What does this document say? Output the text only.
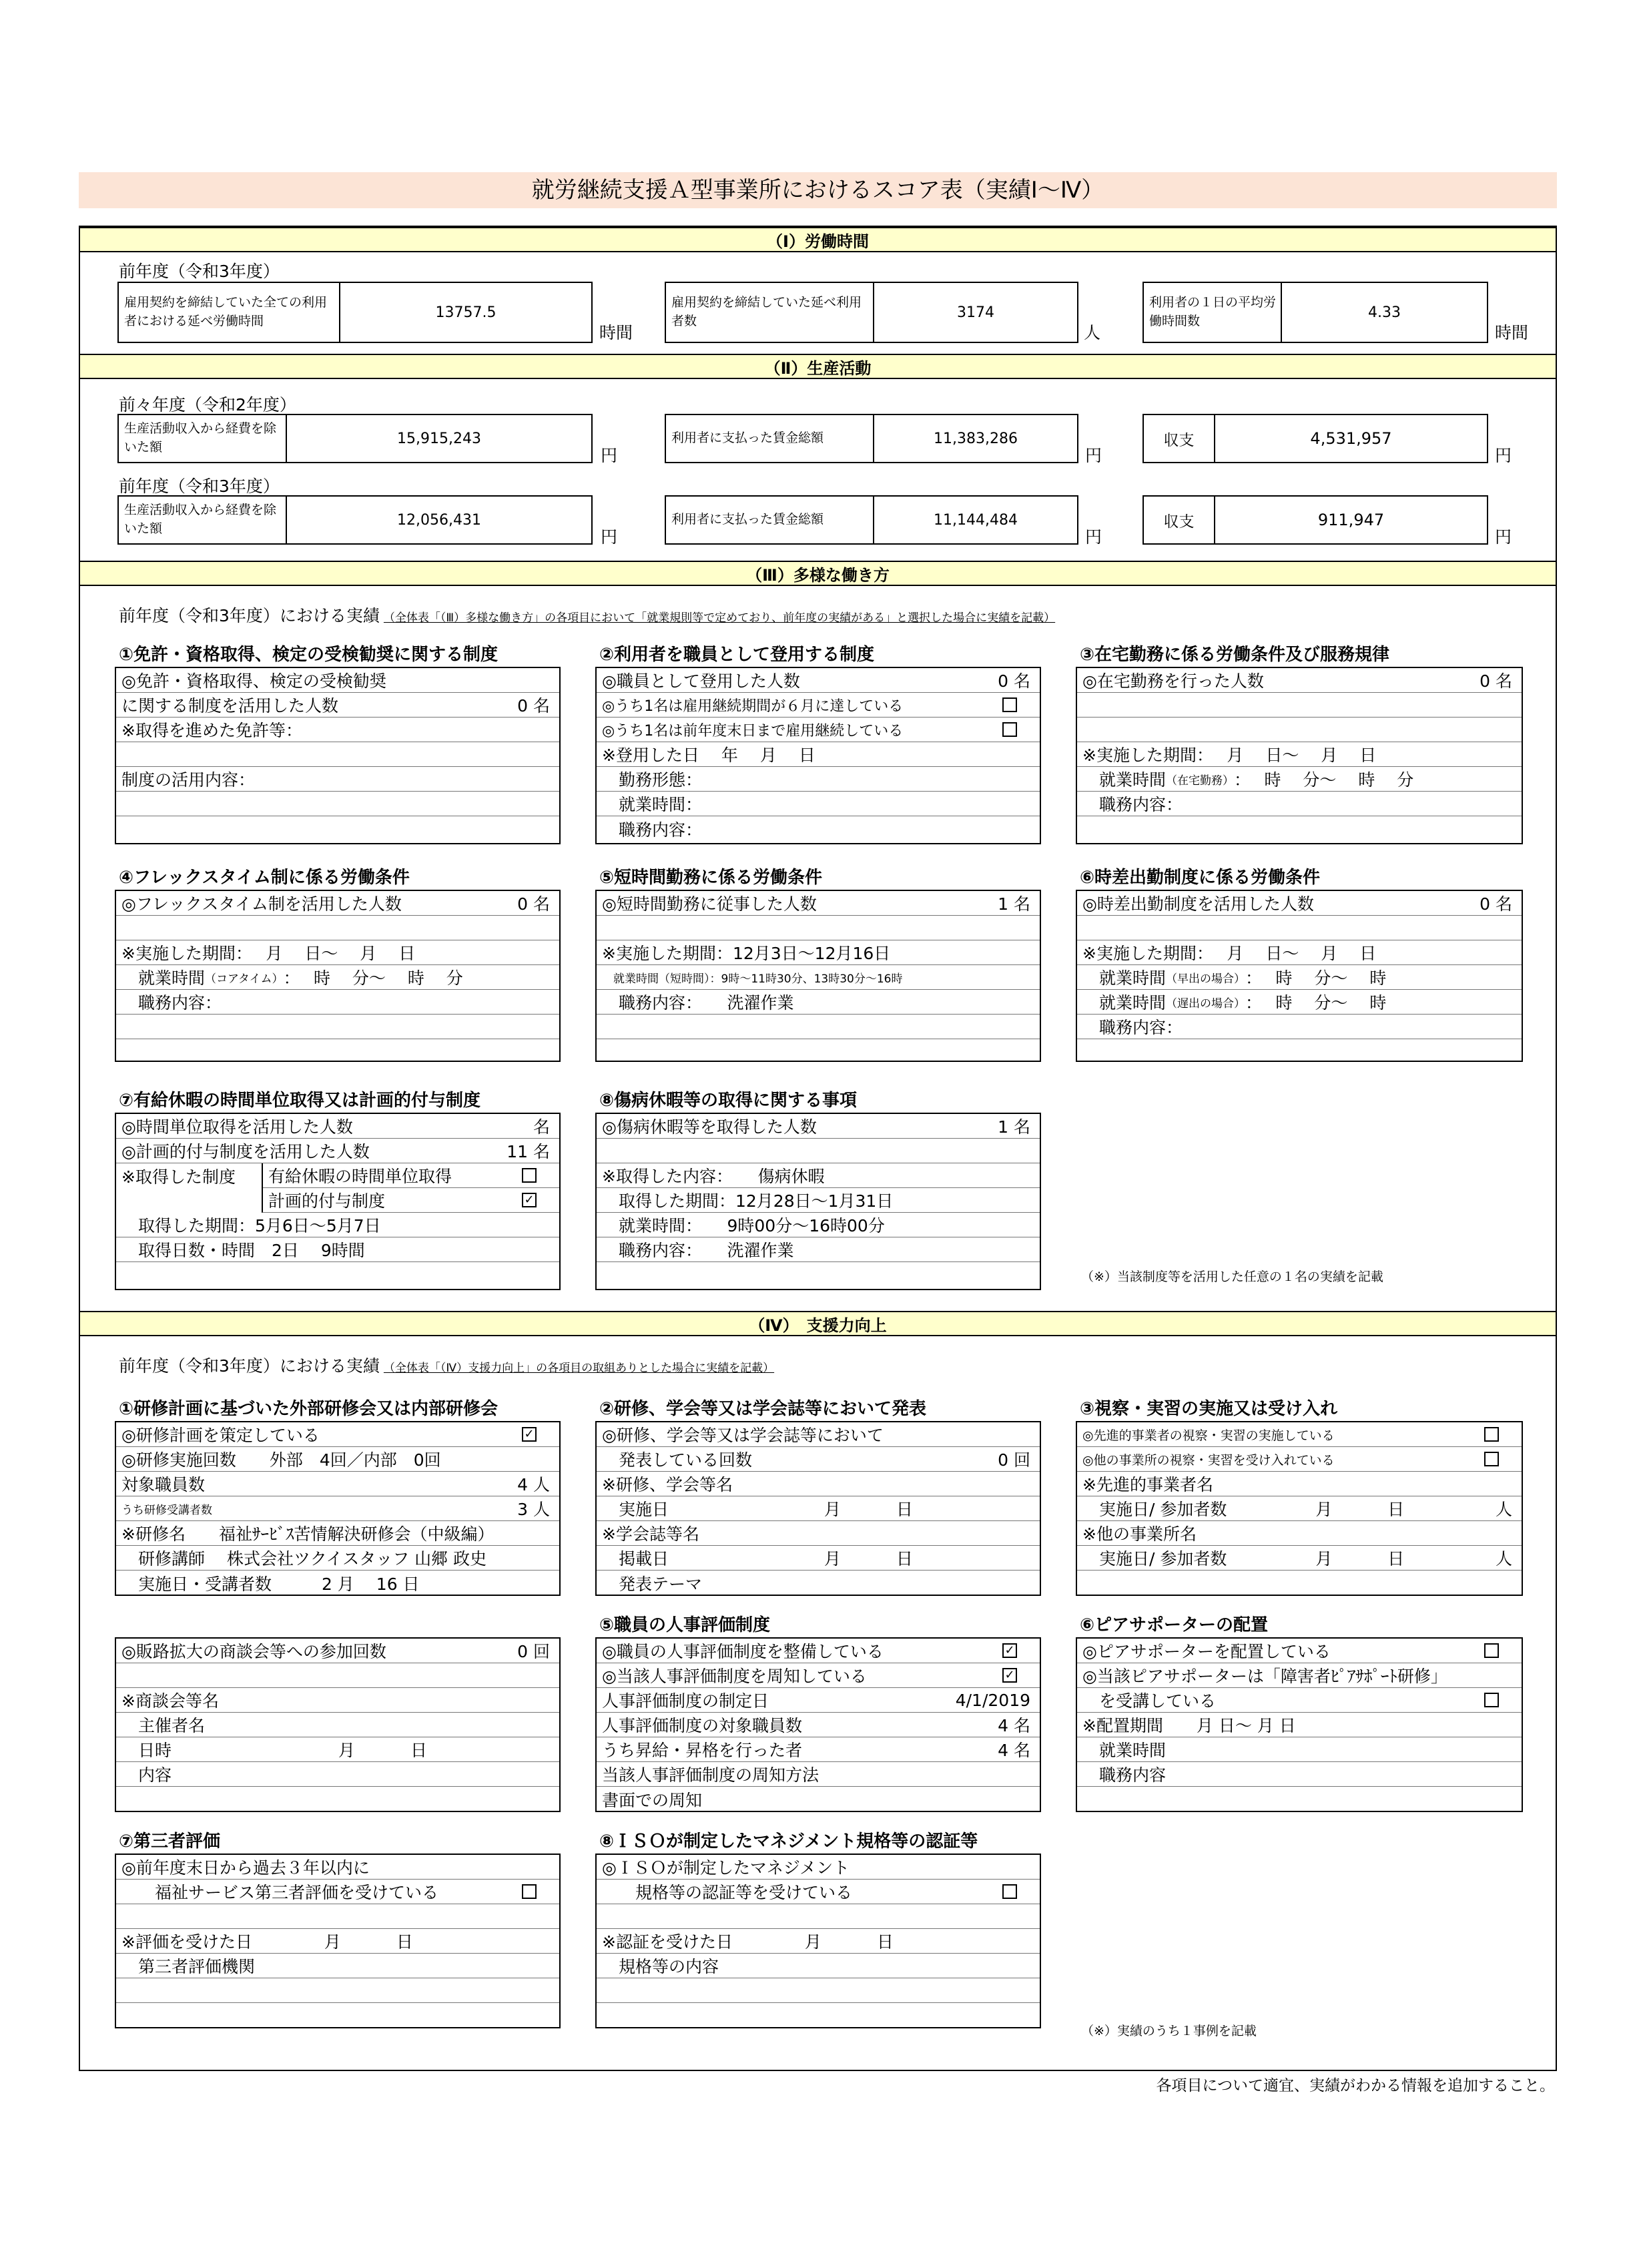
就労継続支援Ａ型事業所におけるスコア表（実績Ⅰ～Ⅳ）
（Ⅰ）労働時間
前年度（令和3年度）
雇用契約を締結していた全ての利用者における延べ労働時間
13757.5
時間
雇用契約を締結していた延べ利用者数
3174
人
利用者の１日の平均労働時間数
4.33
時間
（Ⅱ）生産活動
前々年度（令和2年度）
生産活動収入から経費を除いた額
15,915,243
円
利用者に支払った賃金総額	11,383,286
円
収支	4,531,957
円
前年度（令和3年度）
生産活動収入から経費を除いた額
12,056,431
円
利用者に支払った賃金総額	11,144,484
円
収支	911,947
円
（Ⅲ）多様な働き方
前年度（令和3年度）における実績 （全体表「（Ⅲ）多様な働き方」の各項目において「就業規則等で定めており、前年度の実績がある」と選択した場合に実績を記載）
①免許・資格取得、検定の受検勧奨に関する制度
◎免許・資格取得、検定の受検勧奨
に関する制度を活用した人数	0 名
※取得を進めた免許等：
制度の活用内容：
②利用者を職員として登用する制度
◎職員として登用した人数	0 名
◎うち1名は雇用継続期間が６月に達している
◎うち1名は前年度末日まで雇用継続している
※登用した日　 年　 月　 日
　勤務形態：
　就業時間：
　職務内容：
③在宅勤務に係る労働条件及び服務規律
◎在宅勤務を行った人数	0 名
※実施した期間：　 月　 日～　 月　 日
　就業時間 （在宅勤務） ：　 時　 分～　 時　 分
　職務内容：
④フレックスタイム制に係る労働条件
◎フレックスタイム制を活用した人数	0 名
※実施した期間：　 月　 日～　 月　 日
　就業時間 （コアタイム） ：　 時　 分～　 時　 分
　職務内容：
⑤短時間勤務に係る労働条件
◎短時間勤務に従事した人数	1 名
※実施した期間：12月3日～12月16日
　就業時間（短時間）：9時～11時30分、13時30分～16時
　職務内容：　　洗濯作業
⑥時差出勤制度に係る労働条件
◎時差出勤制度を活用した人数	0 名
※実施した期間：　 月　 日～　 月　 日
　就業時間 （早出の場合） ：　 時　 分～　 時
　就業時間 （遅出の場合） ：　 時　 分～　 時
　職務内容：
⑦有給休暇の時間単位取得又は計画的付与制度
◎時間単位取得を活用した人数	名
◎計画的付与制度を活用した人数	11 名
※取得した制度 有給休暇の時間単位取得
計画的付与制度	✓
　取得した期間：5月6日～5月7日
　取得日数・時間　2日　 9時間
⑧傷病休暇等の取得に関する事項
◎傷病休暇等を取得した人数	1 名
※取得した内容：　　傷病休暇
　取得した期間：12月28日～1月31日
　就業時間：　　9時00分～16時00分
　職務内容：　　洗濯作業
（※）当該制度等を活用した任意の１名の実績を記載
（Ⅳ）　支援力向上
前年度（令和3年度）における実績 （全体表「（Ⅳ）支援力向上」の各項目の取組ありとした場合に実績を記載）
①研修計画に基づいた外部研修会又は内部研修会
◎研修計画を策定している	✓
◎研修実施回数　　外部　4回／内部　0回
対象職員数	4 人
うち研修受講者数	3 人
※研修名　　福祉ｻｰﾋﾞｽ苦情解決研修会（中級編）
　研修講師　 株式会社ツクイスタッフ 山郷 政史
　実施日・受講者数　　　2 月　 16 日
②研修、学会等又は学会誌等において発表
◎研修、学会等又は学会誌等において
　発表している回数	0 回
※研修、学会等名
　実施日　　　　　　　　　 月　　　 日
※学会誌等名
　掲載日　　　　　　　　　 月　　　 日
　発表テーマ
③視察・実習の実施又は受け入れ
◎先進的事業者の視察・実習の実施している
◎他の事業所の視察・実習を受け入れている
※先進的事業者名
　実施日/ 参加者数　　　　　 月　　　 日	人
※他の事業所名
　実施日/ 参加者数　　　　　 月　　　 日	人
⑤職員の人事評価制度
◎職員の人事評価制度を整備している	✓
◎当該人事評価制度を周知している	✓
人事評価制度の制定日	4/1/2019
人事評価制度の対象職員数	4 名
うち昇給・昇格を行った者	4 名
当該人事評価制度の周知方法
書面での周知
⑥ピアサポーターの配置
◎ピアサポーターを配置している
◎当該ピアサポーターは「障害者ﾋﾟｱｻﾎﾟｰﾄ研修」
　を受講している
※配置期間　　月 日～ 月 日
　就業時間
　職務内容
◎販路拡大の商談会等への参加回数	0 回
※商談会等名
　主催者名
　日時　　　　　　　　　　月　　　 日
　内容
⑦第三者評価
◎前年度末日から過去３年以内に
　　福祉サービス第三者評価を受けている
※評価を受けた日　　　　 月　　　 日
　第三者評価機関
⑧ＩＳＯが制定したマネジメント規格等の認証等
◎ＩＳＯが制定したマネジメント
　　規格等の認証等を受けている
※認証を受けた日　　　　 月　　　 日
　規格等の内容
（※）実績のうち１事例を記載
各項目について適宜、実績がわかる情報を追加すること。
